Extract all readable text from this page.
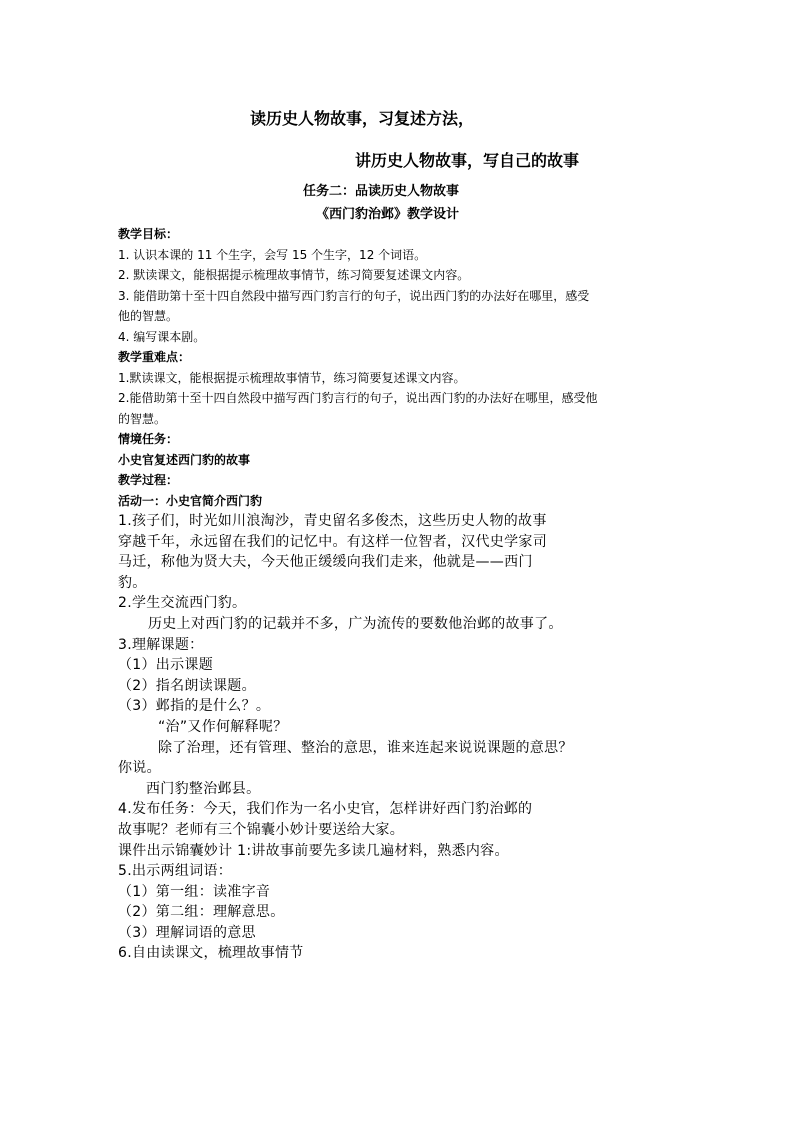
读历史人物故事，习复述方法，
讲历史人物故事，写自己的故事
任务二：品读历史人物故事
《西门豹治邺》教学设计
教学目标：
1. 认识本课的 11 个生字，会写 15 个生字，12 个词语。
2. 默读课文，能根据提示梳理故事情节，练习简要复述课文内容。
3. 能借助第十至十四自然段中描写西门豹言行的句子，说出西门豹的办法好在哪里，感受
他的智慧。
4. 编写课本剧。
教学重难点：
1.默读课文，能根据提示梳理故事情节，练习简要复述课文内容。
2.能借助第十至十四自然段中描写西门豹言行的句子，说出西门豹的办法好在哪里，感受他
的智慧。
情境任务：
小史官复述西门豹的故事
教学过程：
活动一：小史官简介西门豹
1.孩子们，时光如川浪淘沙，青史留名多俊杰，这些历史人物的故事
穿越千年，永远留在我们的记忆中。有这样一位智者，汉代史学家司
马迁，称他为贤大夫，今天他正缓缓向我们走来，他就是——西门
豹。
2.学生交流西门豹。
历史上对西门豹的记载并不多，广为流传的要数他治邺的故事了。
3.理解课题：
（1）出示课题
（2）指名朗读课题。
（3）邺指的是什么？。
“治”又作何解释呢？
除了治理，还有管理、整治的意思，谁来连起来说说课题的意思？
你说。
西门豹整治邺县。
4.发布任务：今天，我们作为一名小史官，怎样讲好西门豹治邺的
故事呢？老师有三个锦囊小妙计要送给大家。
课件出示锦囊妙计 1:讲故事前要先多读几遍材料，熟悉内容。
5.出示两组词语：
（1）第一组：读准字音
（2）第二组：理解意思。
（3）理解词语的意思
6.自由读课文，梳理故事情节
